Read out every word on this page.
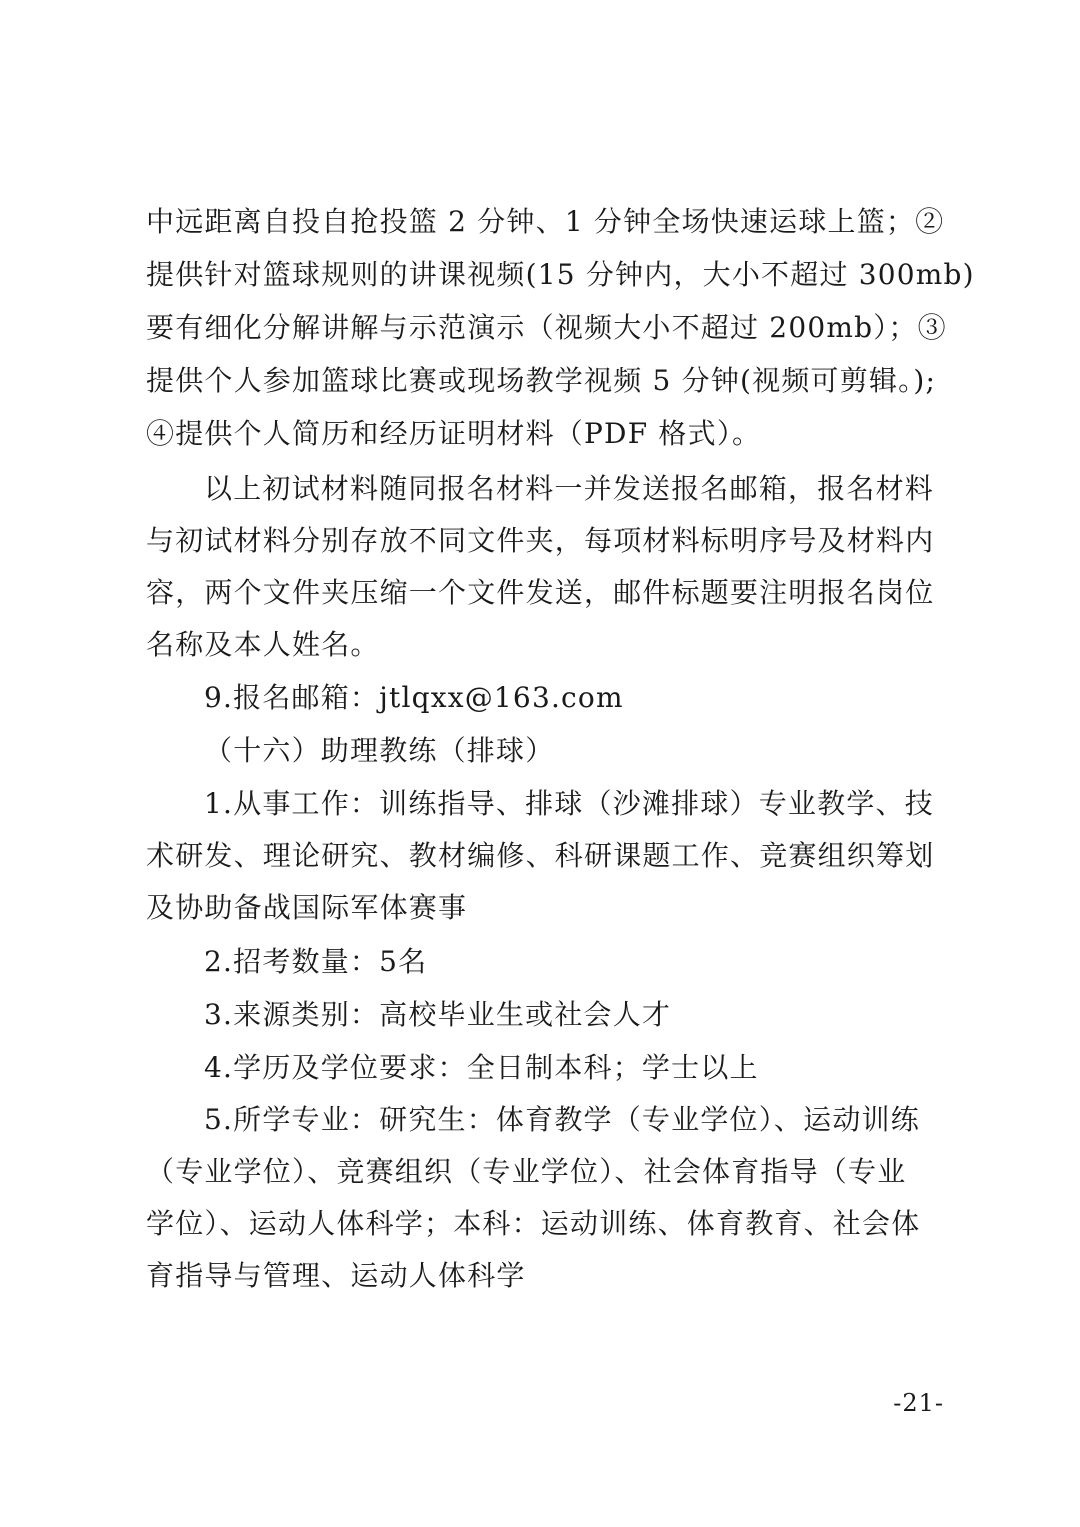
中远距离自投自抢投篮 2 分钟、1 分钟全场快速运球上篮；②
提供针对篮球规则的讲课视频(15 分钟内，大小不超过 300mb)
要有细化分解讲解与示范演示（视频大小不超过 200mb）；③
提供个人参加篮球比赛或现场教学视频 5 分钟(视频可剪辑。);
④提供个人简历和经历证明材料（PDF 格式）。
以上初试材料随同报名材料一并发送报名邮箱，报名材料
与初试材料分别存放不同文件夹，每项材料标明序号及材料内
容，两个文件夹压缩一个文件发送，邮件标题要注明报名岗位
名称及本人姓名。
9.报名邮箱：jtlqxx@163.com
（十六）助理教练（排球）
1.从事工作：训练指导、排球（沙滩排球）专业教学、技
术研发、理论研究、教材编修、科研课题工作、竞赛组织筹划
及协助备战国际军体赛事
2.招考数量：5名
3.来源类别：高校毕业生或社会人才
4.学历及学位要求：全日制本科；学士以上
5.所学专业：研究生：体育教学（专业学位）、运动训练
（专业学位）、竞赛组织（专业学位）、社会体育指导（专业
学位）、运动人体科学；本科：运动训练、体育教育、社会体
育指导与管理、运动人体科学
-21-
